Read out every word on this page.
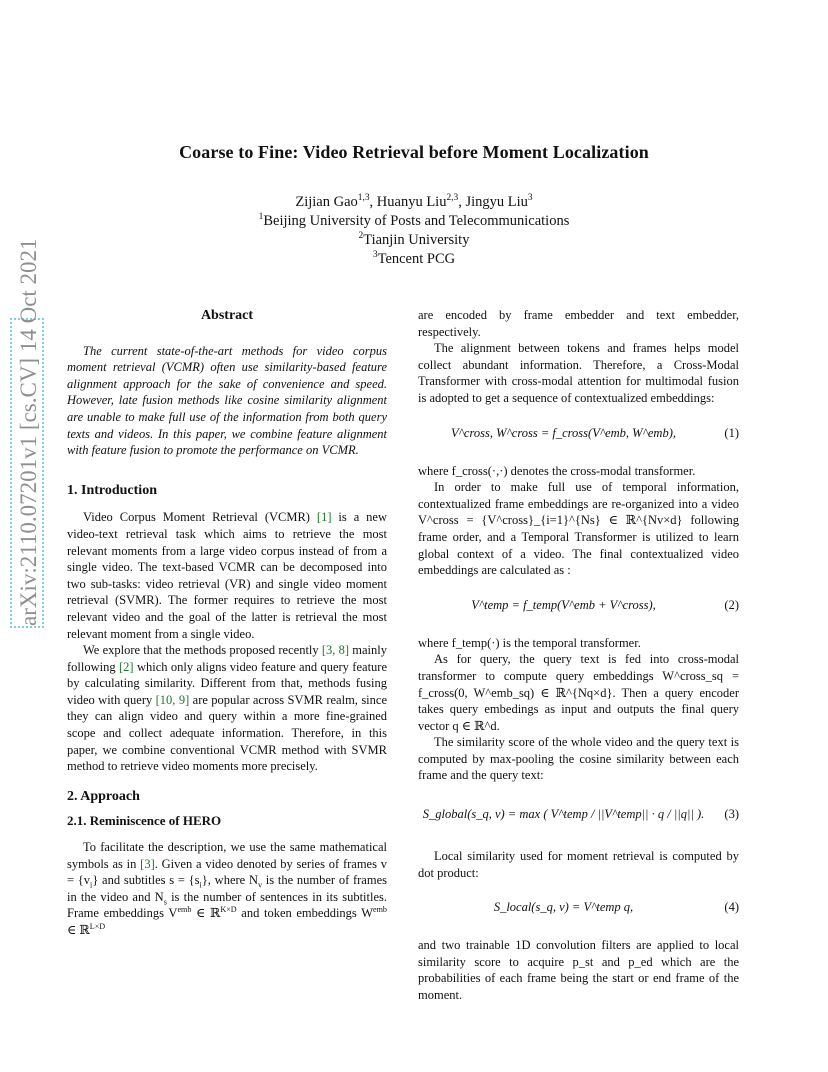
arXiv:2110.07201v1 [cs.CV] 14 Oct 2021
Coarse to Fine: Video Retrieval before Moment Localization
Zijian Gao$^{1,3}$, Huanyu Liu$^{2,3}$, Jingyu Liu$^3$
$^1$Beijing University of Posts and Telecommunications
$^2$Tianjin University
$^3$Tencent PCG
Abstract

The current state-of-the-art methods for video corpus moment retrieval (VCMR) often use similarity-based feature alignment approach for the sake of convenience and speed. However, late fusion methods like cosine similarity alignment are unable to make full use of the information from both query texts and videos. In this paper, we combine feature alignment with feature fusion to promote the performance on VCMR.

1. Introduction

Video Corpus Moment Retrieval (VCMR) [1] is a new video-text retrieval task which aims to retrieve the most relevant moments from a large video corpus instead of from a single video. The text-based VCMR can be decomposed into two sub-tasks: video retrieval (VR) and single video moment retrieval (SVMR). The former requires to retrieve the most relevant video and the goal of the latter is retrieval the most relevant moment from a single video.

We explore that the methods proposed recently [3, 8] mainly following [2] which only aligns video feature and query feature by calculating similarity. Different from that, methods fusing video with query [10, 9] are popular across SVMR realm, since they can align video and query within a more fine-grained scope and collect adequate information. Therefore, in this paper, we combine conventional VCMR method with SVMR method to retrieve video moments more precisely.

2. Approach
2.1. Reminiscence of HERO

To facilitate the description, we use the same mathematical symbols as in [3]. Given a video denoted by series of frames $v = \{v_i\}$ and subtitles $s = \{s_i\}$, where $N_v$ is the number of frames in the video and $N_s$ is the number of sentences in its subtitles. Frame embeddings $V^{emb}$ ∈ ℝ$^{K\times D}$ and token embeddings $W^{emb}$ ∈ ℝ$^{L\times D}$

are encoded by frame embedder and text embedder, respectively.

The alignment between tokens and frames helps model collect abundant information. Therefore, a Cross-Modal Transformer with cross-modal attention for multimodal fusion is adopted to get a sequence of contextualized embeddings:

V^cross, W^cross = f_cross(V^emb, W^emb),	(1)

where f_cross(·,·) denotes the cross-modal transformer.

In order to make full use of temporal information, contextualized frame embeddings are re-organized into a video V^cross = {V^cross}_{i=1}^{Ns} ∈ ℝ^{Nv×d} following frame order, and a Temporal Transformer is utilized to learn global context of a video. The final contextualized video embeddings are calculated as :

V^temp = f_temp(V^emb + V^cross),	(2)

where f_temp(·) is the temporal transformer.

As for query, the query text is fed into cross-modal transformer to compute query embeddings W^cross_sq = f_cross(0, W^emb_sq) ∈ ℝ^{Nq×d}. Then a query encoder takes query embedings as input and outputs the final query vector q ∈ ℝ^d.

The similarity score of the whole video and the query text is computed by max-pooling the cosine similarity between each frame and the query text:

S_global(s_q, v) = max ( V^temp / ||V^temp|| · q / ||q|| ).	(3)

Local similarity used for moment retrieval is computed by dot product:

S_local(s_q, v) = V^temp q,	(4)

and two trainable 1D convolution filters are applied to local similarity score to acquire p_st and p_ed which are the probabilities of each frame being the start or end frame of the moment.
